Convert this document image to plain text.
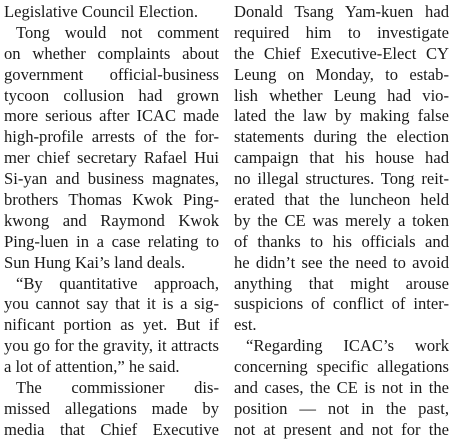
Legislative Council Election.
Tong would not comment
on whether complaints about
government official-business
tycoon collusion had grown
more serious after ICAC made
high-profile arrests of the for-
mer chief secretary Rafael Hui
Si-yan and business magnates,
brothers Thomas Kwok Ping-
kwong and Raymond Kwok
Ping-luen in a case relating to
Sun Hung Kai’s land deals.
“By quantitative approach,
you cannot say that it is a sig-
nificant portion as yet. But if
you go for the gravity, it attracts
a lot of attention,” he said.
The commissioner dis-
missed allegations made by
media that Chief Executive
Donald Tsang Yam-kuen had
required him to investigate
the Chief Executive-Elect CY
Leung on Monday, to estab-
lish whether Leung had vio-
lated the law by making false
statements during the election
campaign that his house had
no illegal structures. Tong reit-
erated that the luncheon held
by the CE was merely a token
of thanks to his officials and
he didn’t see the need to avoid
anything that might arouse
suspicions of conflict of inter-
est.
“Regarding ICAC’s work
concerning specific allegations
and cases, the CE is not in the
position — not in the past,
not at present and not for the
